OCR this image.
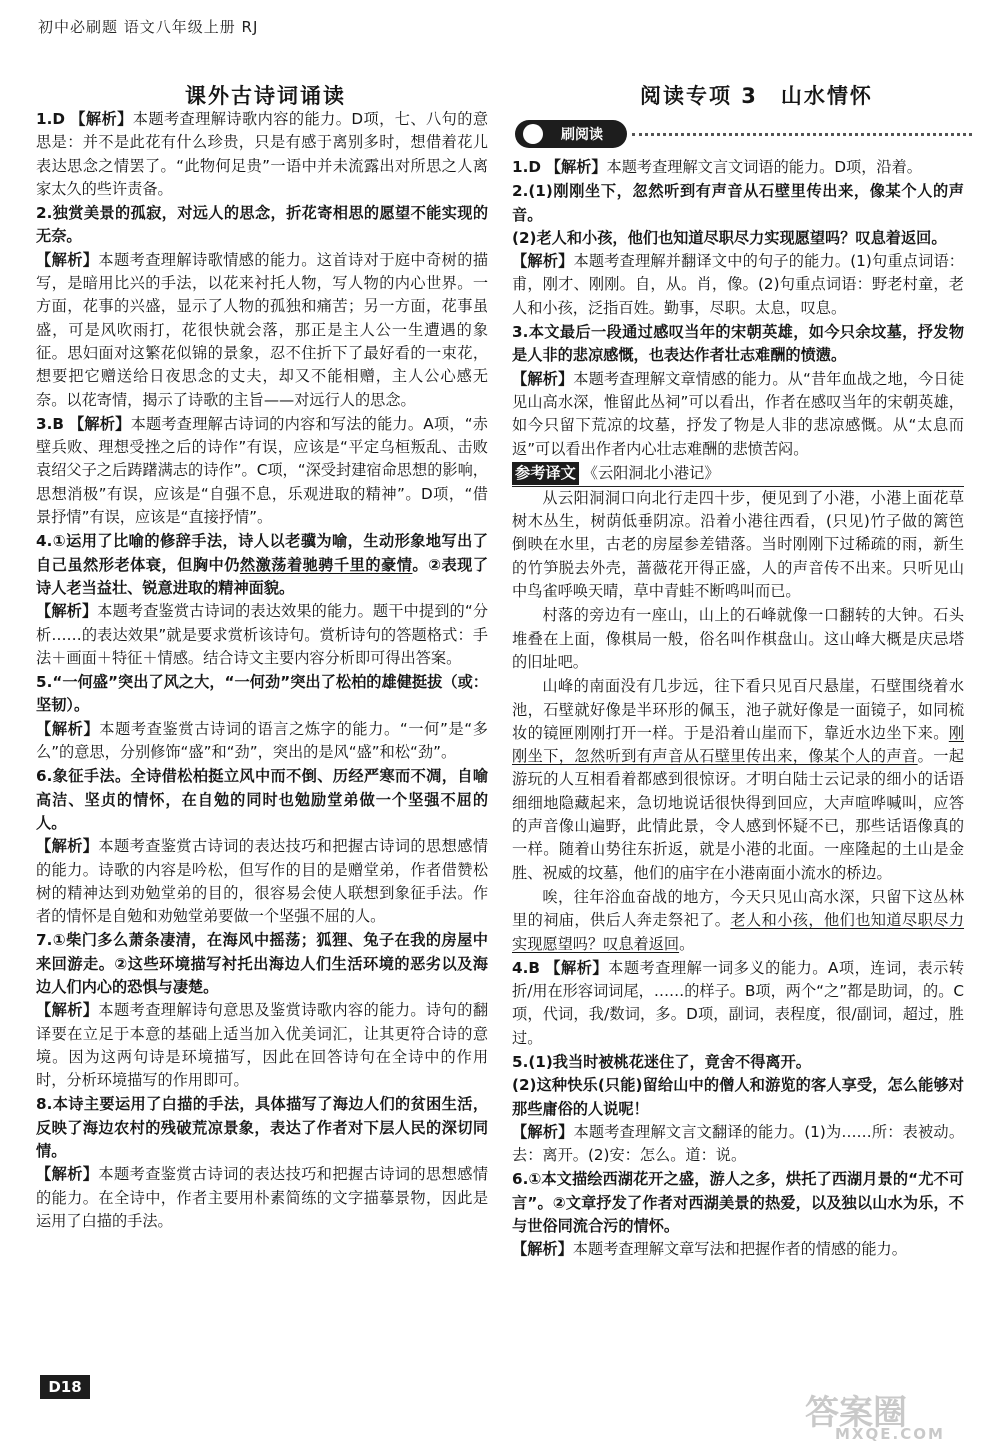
初中必刷题 语文八年级上册 RJ
课外古诗词诵读	阅读专项 3　山水情怀
刷阅读

1.D 【解析】本题考查理解诗歌内容的能力。D项，七、八句的意思是：并不是此花有什么珍贵，只是有感于离别多时，想借着花儿表达思念之情罢了。“此物何足贵”一语中并未流露出对所思之人离家太久的些许责备。

2.独赏美景的孤寂，对远人的思念，折花寄相思的愿望不能实现的无奈。
【解析】本题考查理解诗歌情感的能力。这首诗对于庭中奇树的描写，是暗用比兴的手法，以花来衬托人物，写人物的内心世界。一方面，花事的兴盛，显示了人物的孤独和痛苦；另一方面，花事虽盛，可是风吹雨打，花很快就会落，那正是主人公一生遭遇的象征。思妇面对这繁花似锦的景象，忍不住折下了最好看的一束花，想要把它赠送给日夜思念的丈夫，却又不能相赠，主人公心感无奈。以花寄情，揭示了诗歌的主旨——对远行人的思念。

3.B 【解析】本题考查理解古诗词的内容和写法的能力。A项，“赤壁兵败、理想受挫之后的诗作”有误，应该是“平定乌桓叛乱、击败袁绍父子之后踌躇满志的诗作”。C项，“深受封建宿命思想的影响，思想消极”有误，应该是“自强不息，乐观进取的精神”。D项，“借景抒情”有误，应该是“直接抒情”。

4.①运用了比喻的修辞手法，诗人以老骥为喻，生动形象地写出了自己虽然形老体衰，但胸中仍然激荡着驰骋千里的豪情。②表现了诗人老当益壮、锐意进取的精神面貌。
【解析】本题考查鉴赏古诗词的表达效果的能力。题干中提到的“分析……的表达效果”就是要求赏析该诗句。赏析诗句的答题格式：手法＋画面＋特征＋情感。结合诗文主要内容分析即可得出答案。

5.“一何盛”突出了风之大，“一何劲”突出了松柏的雄健挺拔（或：坚韧）。
【解析】本题考查鉴赏古诗词的语言之炼字的能力。“一何”是“多么”的意思，分别修饰“盛”和“劲”，突出的是风“盛”和松“劲”。

6.象征手法。全诗借松柏挺立风中而不倒、历经严寒而不凋，自喻高洁、坚贞的情怀，在自勉的同时也勉励堂弟做一个坚强不屈的人。
【解析】本题考查鉴赏古诗词的表达技巧和把握古诗词的思想感情的能力。诗歌的内容是吟松，但写作的目的是赠堂弟，作者借赞松树的精神达到劝勉堂弟的目的，很容易会使人联想到象征手法。作者的情怀是自勉和劝勉堂弟要做一个坚强不屈的人。

7.①柴门多么萧条凄清，在海风中摇荡；狐狸、兔子在我的房屋中来回游走。②这些环境描写衬托出海边人们生活环境的恶劣以及海边人们内心的恐惧与凄楚。
【解析】本题考查理解诗句意思及鉴赏诗歌内容的能力。诗句的翻译要在立足于本意的基础上适当加入优美词汇，让其更符合诗的意境。因为这两句诗是环境描写，因此在回答诗句在全诗中的作用时，分析环境描写的作用即可。

8.本诗主要运用了白描的手法，具体描写了海边人们的贫困生活，反映了海边农村的残破荒凉景象，表达了作者对下层人民的深切同情。
【解析】本题考查鉴赏古诗词的表达技巧和把握古诗词的思想感情的能力。在全诗中，作者主要用朴素简练的文字描摹景物，因此是运用了白描的手法。

1.D 【解析】本题考查理解文言文词语的能力。D项，沿着。

2.(1)刚刚坐下，忽然听到有声音从石壁里传出来，像某个人的声音。
(2)老人和小孩，他们也知道尽职尽力实现愿望吗？叹息着返回。
【解析】本题考查理解并翻译文中的句子的能力。(1)句重点词语：甫，刚才、刚刚。自，从。肖，像。(2)句重点词语：野老村童，老人和小孩，泛指百姓。勤事，尽职。太息，叹息。

3.本文最后一段通过感叹当年的宋朝英雄，如今只余坟墓，抒发物是人非的悲凉感慨，也表达作者壮志难酬的愤懑。
【解析】本题考查理解文章情感的能力。从“昔年血战之地，今日徒见山高水深，惟留此丛祠”可以看出，作者在感叹当年的宋朝英雄，如今只留下荒凉的坟墓，抒发了物是人非的悲凉感慨。从“太息而返”可以看出作者内心壮志难酬的悲愤苦闷。

参考译文 《云阳洞北小港记》

从云阳洞洞口向北行走四十步，便见到了小港，小港上面花草树木丛生，树荫低垂阴凉。沿着小港往西看，(只见)竹子做的篱笆倒映在水里，古老的房屋参差错落。当时刚刚下过稀疏的雨，新生的竹笋脱去外壳，蔷薇花开得正盛，人的声音传不出来。只听见山中鸟雀呼唤天晴，草中青蛙不断鸣叫而已。

村落的旁边有一座山，山上的石峰就像一口翻转的大钟。石头堆叠在上面，像棋局一般，俗名叫作棋盘山。这山峰大概是庆忌塔的旧址吧。

山峰的南面没有几步远，往下看只见百尺悬崖，石壁围绕着水池，石壁就好像是半环形的佩玉，池子就好像是一面镜子，如同梳妆的镜匣刚刚打开一样。于是沿着山崖而下，靠近水边坐下来。刚刚坐下，忽然听到有声音从石壁里传出来，像某个人的声音。一起游玩的人互相看着都感到很惊讶。才明白陆士云记录的细小的话语细细地隐藏起来，急切地说话很快得到回应，大声喧哗喊叫，应答的声音像山遍野，此情此景，令人感到怀疑不已，那些话语像真的一样。随着山势往东折返，就是小港的北面。一座隆起的土山是金胜、祝威的坟墓，他们的庙宇在小港南面小流水的桥边。

唉，往年浴血奋战的地方，今天只见山高水深，只留下这丛林里的祠庙，供后人奔走祭祀了。老人和小孩，他们也知道尽职尽力实现愿望吗？叹息着返回。

4.B 【解析】本题考查理解一词多义的能力。A项，连词，表示转折/用在形容词词尾，……的样子。B项，两个“之”都是助词，的。C项，代词，我/数词，多。D项，副词，表程度，很/副词，超过，胜过。

5.(1)我当时被桃花迷住了，竟舍不得离开。
(2)这种快乐(只能)留给山中的僧人和游览的客人享受，怎么能够对那些庸俗的人说呢！
【解析】本题考查理解文言文翻译的能力。(1)为……所：表被动。去：离开。(2)安：怎么。道：说。

6.①本文描绘西湖花开之盛，游人之多，烘托了西湖月景的“尤不可言”。②文章抒发了作者对西湖美景的热爱，以及独以山水为乐，不与世俗同流合污的情怀。
【解析】本题考查理解文章写法和把握作者的情感的能力。

D18
答案圈
MXQE.COM
